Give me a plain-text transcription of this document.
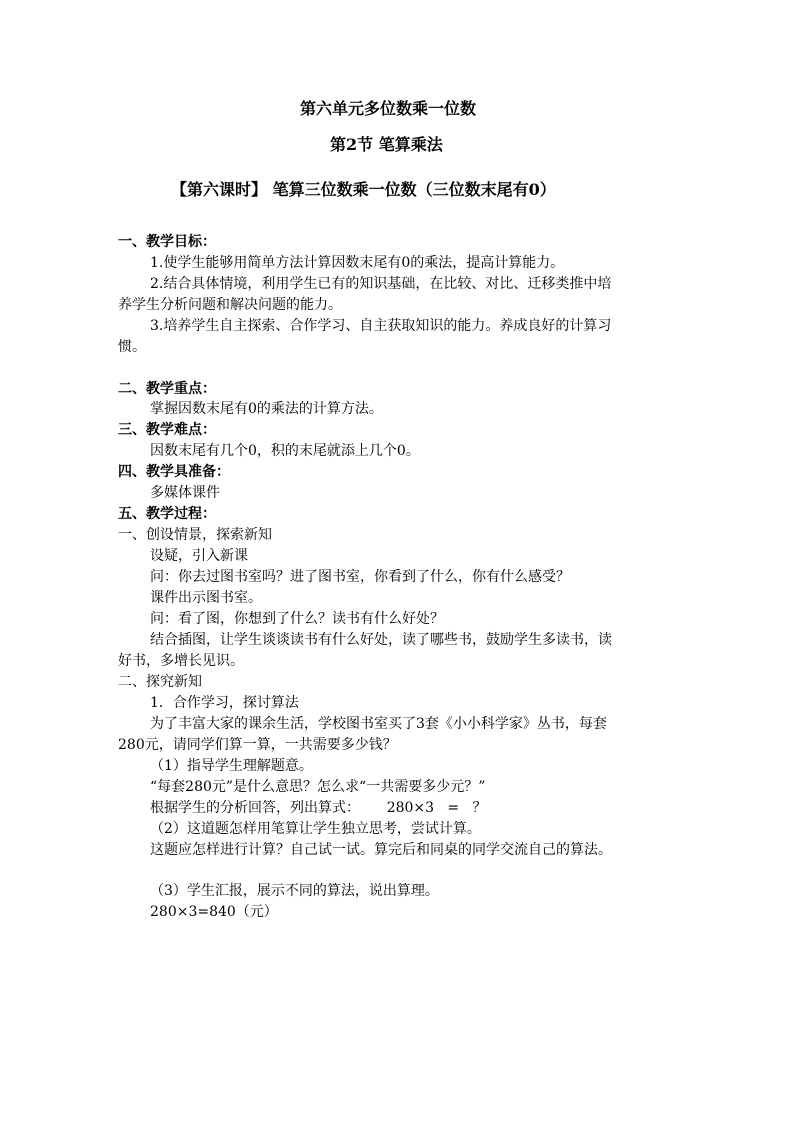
第六单元多位数乘一位数
第2节 笔算乘法
【第六课时】 笔算三位数乘一位数（三位数末尾有0）
一、教学目标：
1.使学生能够用简单方法计算因数末尾有0的乘法，提高计算能力。
2.结合具体情境，利用学生已有的知识基础，在比较、对比、迁移类推中培
养学生分析问题和解决问题的能力。
3.培养学生自主探索、合作学习、自主获取知识的能力。养成良好的计算习
惯。
二、教学重点：
掌握因数末尾有0的乘法的计算方法。
三、教学难点：
因数末尾有几个0，积的末尾就添上几个0。
四、教学具准备：
多媒体课件
五、教学过程：
一、创设情景，探索新知
设疑，引入新课
问：你去过图书室吗？进了图书室，你看到了什么，你有什么感受？
课件出示图书室。
问：看了图，你想到了什么？读书有什么好处？
结合插图，让学生谈谈读书有什么好处，读了哪些书，鼓励学生多读书，读
好书，多增长见识。
二、探究新知
1．合作学习，探讨算法
为了丰富大家的课余生活，学校图书室买了3套《小小科学家》丛书，每套
280元，请同学们算一算，一共需要多少钱？
（1）指导学生理解题意。
“每套280元”是什么意思？怎么求“一共需要多少元？”
根据学生的分析回答，列出算式：      280×3   =   ？
（2）这道题怎样用笔算让学生独立思考，尝试计算。
这题应怎样进行计算？自己试一试。算完后和同桌的同学交流自己的算法。
（3）学生汇报，展示不同的算法，说出算理。
280×3=840（元）
